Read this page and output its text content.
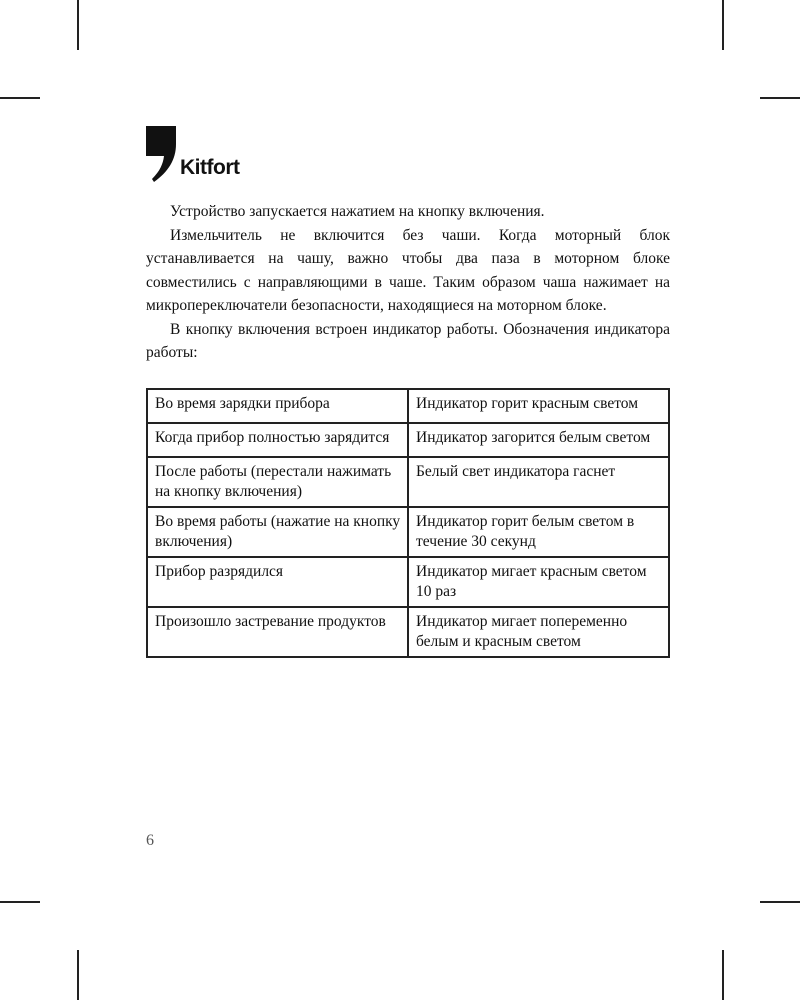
Kitfort

Устройство запускается нажатием на кнопку включения.

Измельчитель не включится без чаши. Когда моторный блок устанавливается на чашу, важно чтобы два паза в моторном блоке совместились с направляющими в чаше. Таким образом чаша нажимает на микропереключатели безопасности, находящиеся на моторном блоке.

В кнопку включения встроен индикатор работы. Обозначения индикатора работы:

Во время зарядки прибора	Индикатор горит красным светом
Когда прибор полностью зарядится	Индикатор загорится белым светом
После работы (перестали нажимать на кнопку включения)	Белый свет индикатора гаснет
Во время работы (нажатие на кнопку включения)	Индикатор горит белым светом в течение 30 секунд
Прибор разрядился	Индикатор мигает красным светом 10 раз
Произошло застревание продуктов	Индикатор мигает попеременно белым и красным светом
6
